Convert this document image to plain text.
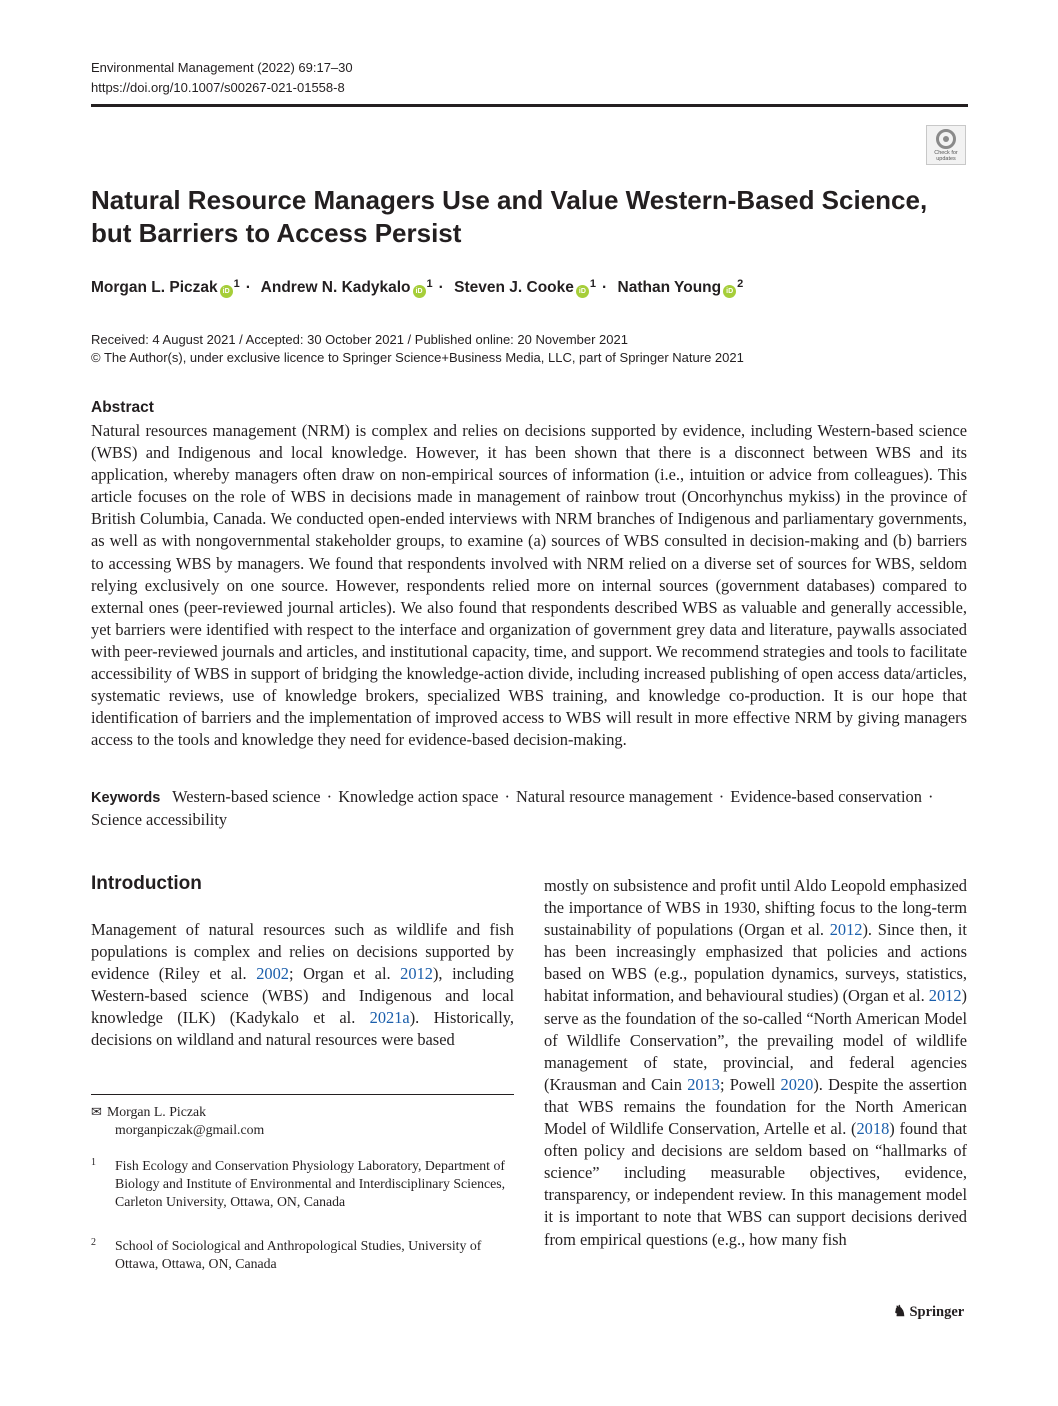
Environmental Management (2022) 69:17–30
https://doi.org/10.1007/s00267-021-01558-8
Check for updates
Natural Resource Managers Use and Value Western-Based Science, but Barriers to Access Persist
Morgan L. Piczak iD$^1$ · Andrew N. Kadykalo iD$^1$ · Steven J. Cooke iD$^1$ · Nathan Young iD$^2$
Received: 4 August 2021 / Accepted: 30 October 2021 / Published online: 20 November 2021
© The Author(s), under exclusive licence to Springer Science+Business Media, LLC, part of Springer Nature 2021
Abstract
Natural resources management (NRM) is complex and relies on decisions supported by evidence, including Western-based science (WBS) and Indigenous and local knowledge. However, it has been shown that there is a disconnect between WBS and its application, whereby managers often draw on non-empirical sources of information (i.e., intuition or advice from colleagues). This article focuses on the role of WBS in decisions made in management of rainbow trout (Oncorhynchus mykiss) in the province of British Columbia, Canada. We conducted open-ended interviews with NRM branches of Indigenous and parliamentary governments, as well as with nongovernmental stakeholder groups, to examine (a) sources of WBS consulted in decision-making and (b) barriers to accessing WBS by managers. We found that respondents involved with NRM relied on a diverse set of sources for WBS, seldom relying exclusively on one source. However, respondents relied more on internal sources (government databases) compared to external ones (peer-reviewed journal articles). We also found that respondents described WBS as valuable and generally accessible, yet barriers were identified with respect to the interface and organization of government grey data and literature, paywalls associated with peer-reviewed journals and articles, and institutional capacity, time, and support. We recommend strategies and tools to facilitate accessibility of WBS in support of bridging the knowledge-action divide, including increased publishing of open access data/articles, systematic reviews, use of knowledge brokers, specialized WBS training, and knowledge co-production. It is our hope that identification of barriers and the implementation of improved access to WBS will result in more effective NRM by giving managers access to the tools and knowledge they need for evidence-based decision-making.
Keywords Western-based science · Knowledge action space · Natural resource management · Evidence-based conservation · Science accessibility
Introduction
Management of natural resources such as wildlife and fish populations is complex and relies on decisions supported by evidence (Riley et al. 2002; Organ et al. 2012), including Western-based science (WBS) and Indigenous and local knowledge (ILK) (Kadykalo et al. 2021a). Historically, decisions on wildland and natural resources were based
mostly on subsistence and profit until Aldo Leopold emphasized the importance of WBS in 1930, shifting focus to the long-term sustainability of populations (Organ et al. 2012). Since then, it has been increasingly emphasized that policies and actions based on WBS (e.g., population dynamics, surveys, statistics, habitat information, and behavioural studies) (Organ et al. 2012) serve as the foundation of the so-called “North American Model of Wildlife Conservation”, the prevailing model of wildlife management of state, provincial, and federal agencies (Krausman and Cain 2013; Powell 2020). Despite the assertion that WBS remains the foundation for the North American Model of Wildlife Conservation, Artelle et al. (2018) found that often policy and decisions are seldom based on “hallmarks of science” including measurable objectives, evidence, transparency, or independent review. In this management model it is important to note that WBS can support decisions derived from empirical questions (e.g., how many fish
✉ Morgan L. Piczak
morganpiczak@gmail.com
1 Fish Ecology and Conservation Physiology Laboratory, Department of Biology and Institute of Environmental and Interdisciplinary Sciences, Carleton University, Ottawa, ON, Canada
2 School of Sociological and Anthropological Studies, University of Ottawa, Ottawa, ON, Canada
♞ Springer
